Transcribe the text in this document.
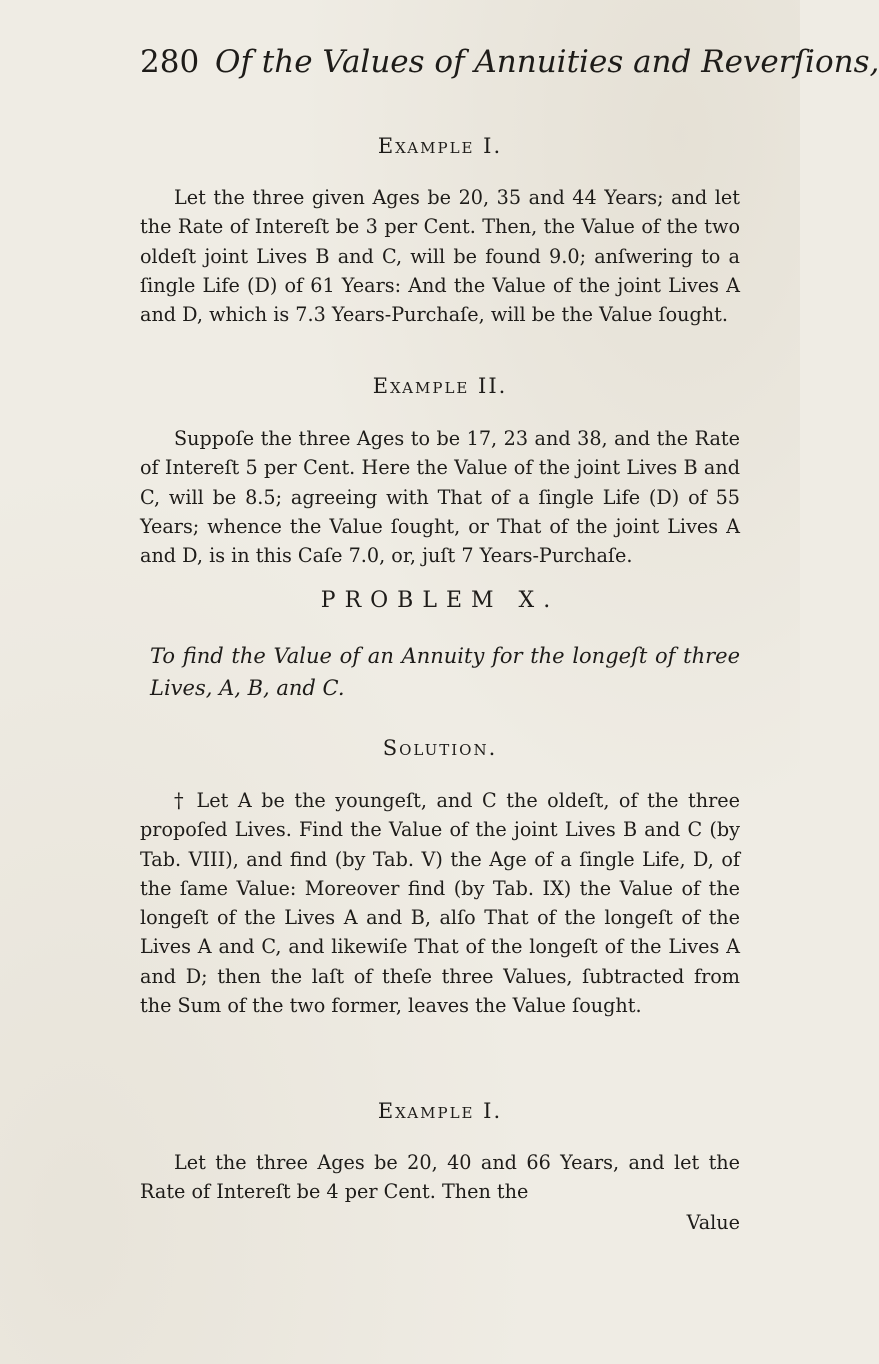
280 Of the Values of Annuities and Reverſions,
Example I.

Let the three given Ages be 20, 35 and 44 Years; and let the Rate of Intereſt be 3 per Cent. Then, the Value of the two oldeſt joint Lives B and C, will be found 9.0; anſwering to a ſingle Life (D) of 61 Years: And the Value of the joint Lives A and D, which is 7.3 Years-Purchaſe, will be the Value ſought.

Example II.

Suppoſe the three Ages to be 17, 23 and 38, and the Rate of Intereſt 5 per Cent. Here the Value of the joint Lives B and C, will be 8.5; agreeing with That of a ſingle Life (D) of 55 Years; whence the Value ſought, or That of the joint Lives A and D, is in this Caſe 7.0, or, juſt 7 Years-Purchaſe.

PROBLEM X.
To find the Value of an Annuity for the longeſt of three Lives, A, B, and C.
Solution.

† Let A be the youngeſt, and C the oldeſt, of the three propoſed Lives. Find the Value of the joint Lives B and C (by Tab. VIII), and find (by Tab. V) the Age of a ſingle Life, D, of the ſame Value: Moreover find (by Tab. IX) the Value of the longeſt of the Lives A and B, alſo That of the longeſt of the Lives A and C, and likewiſe That of the longeſt of the Lives A and D; then the laſt of theſe three Values, ſubtracted from the Sum of the two former, leaves the Value ſought.

Example I.

Let the three Ages be 20, 40 and 66 Years, and let the Rate of Intereſt be 4 per Cent. Then the

Value
